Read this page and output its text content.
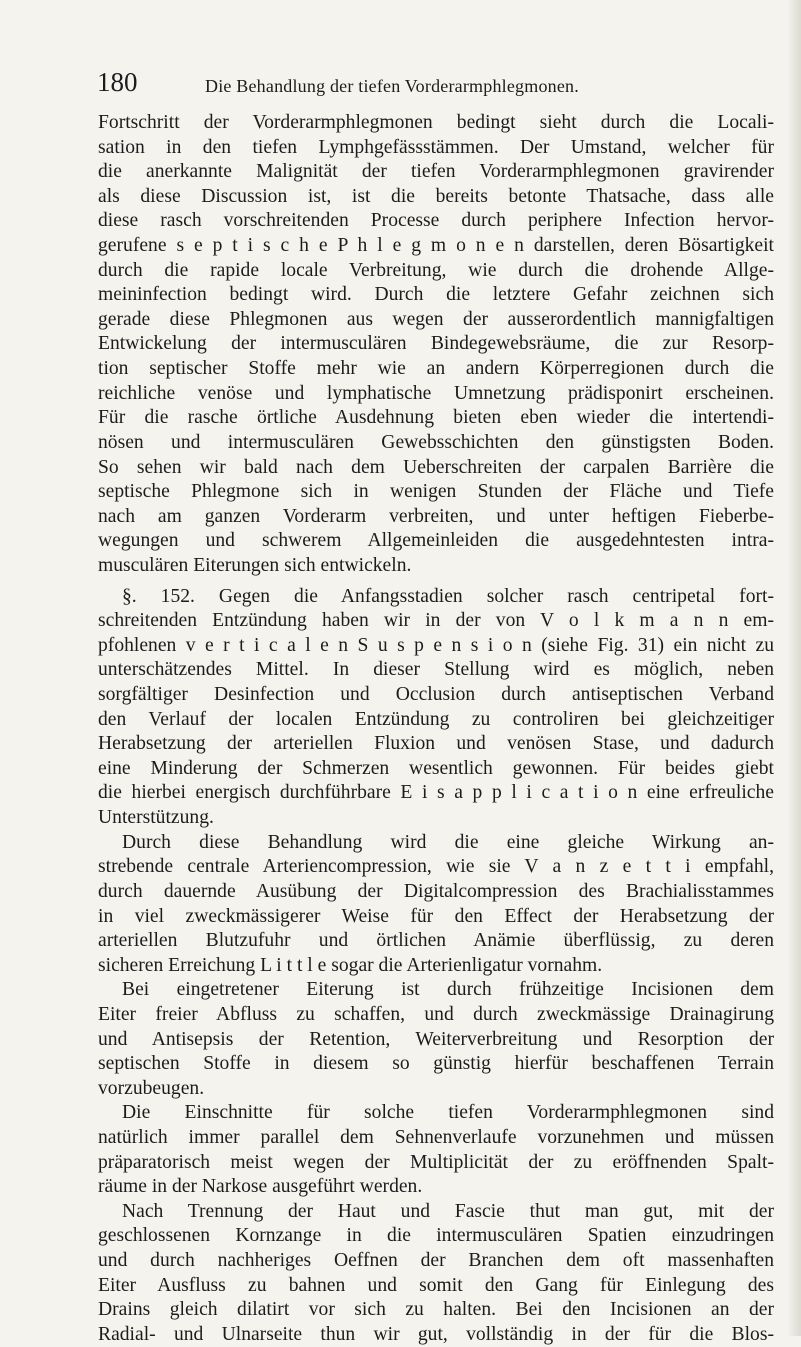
180	Die Behandlung der tiefen Vorderarmphlegmonen.
Fortschritt der Vorderarmphlegmonen bedingt sieht durch die Locali-
sation in den tiefen Lymphgefässstämmen. Der Umstand, welcher für
die anerkannte Malignität der tiefen Vorderarmphlegmonen gravirender
als diese Discussion ist, ist die bereits betonte Thatsache, dass alle
diese rasch vorschreitenden Processe durch periphere Infection hervor-
gerufene s e p t i s c h e P h l e g m o n e n darstellen, deren Bösartigkeit
durch die rapide locale Verbreitung, wie durch die drohende Allge-
meininfection bedingt wird. Durch die letztere Gefahr zeichnen sich
gerade diese Phlegmonen aus wegen der ausserordentlich mannigfaltigen
Entwickelung der intermusculären Bindegewebsräume, die zur Resorp-
tion septischer Stoffe mehr wie an andern Körperregionen durch die
reichliche venöse und lymphatische Umnetzung prädisponirt erscheinen.
Für die rasche örtliche Ausdehnung bieten eben wieder die intertendi-
nösen und intermusculären Gewebsschichten den günstigsten Boden.
So sehen wir bald nach dem Ueberschreiten der carpalen Barrière die
septische Phlegmone sich in wenigen Stunden der Fläche und Tiefe
nach am ganzen Vorderarm verbreiten, und unter heftigen Fieberbe-
wegungen und schwerem Allgemeinleiden die ausgedehntesten intra-
musculären Eiterungen sich entwickeln.
§. 152. Gegen die Anfangsstadien solcher rasch centripetal fort-
schreitenden Entzündung haben wir in der von V o l k m a n n em-
pfohlenen v e r t i c a l e n S u s p e n s i o n (siehe Fig. 31) ein nicht zu
unterschätzendes Mittel. In dieser Stellung wird es möglich, neben
sorgfältiger Desinfection und Occlusion durch antiseptischen Verband
den Verlauf der localen Entzündung zu controliren bei gleichzeitiger
Herabsetzung der arteriellen Fluxion und venösen Stase, und dadurch
eine Minderung der Schmerzen wesentlich gewonnen. Für beides giebt
die hierbei energisch durchführbare E i s a p p l i c a t i o n eine erfreuliche
Unterstützung.
Durch diese Behandlung wird die eine gleiche Wirkung an-
strebende centrale Arteriencompression, wie sie V a n z e t t i empfahl,
durch dauernde Ausübung der Digitalcompression des Brachialisstammes
in viel zweckmässigerer Weise für den Effect der Herabsetzung der
arteriellen Blutzufuhr und örtlichen Anämie überflüssig, zu deren
sicheren Erreichung L i t t l e sogar die Arterienligatur vornahm.
Bei eingetretener Eiterung ist durch frühzeitige Incisionen dem
Eiter freier Abfluss zu schaffen, und durch zweckmässige Drainagirung
und Antisepsis der Retention, Weiterverbreitung und Resorption der
septischen Stoffe in diesem so günstig hierfür beschaffenen Terrain
vorzubeugen.
Die Einschnitte für solche tiefen Vorderarmphlegmonen sind
natürlich immer parallel dem Sehnenverlaufe vorzunehmen und müssen
präparatorisch meist wegen der Multiplicität der zu eröffnenden Spalt-
räume in der Narkose ausgeführt werden.
Nach Trennung der Haut und Fascie thut man gut, mit der
geschlossenen Kornzange in die intermusculären Spatien einzudringen
und durch nachheriges Oeffnen der Branchen dem oft massenhaften
Eiter Ausfluss zu bahnen und somit den Gang für Einlegung des
Drains gleich dilatirt vor sich zu halten. Bei den Incisionen an der
Radial- und Ulnarseite thun wir gut, vollständig in der für die Blos-
